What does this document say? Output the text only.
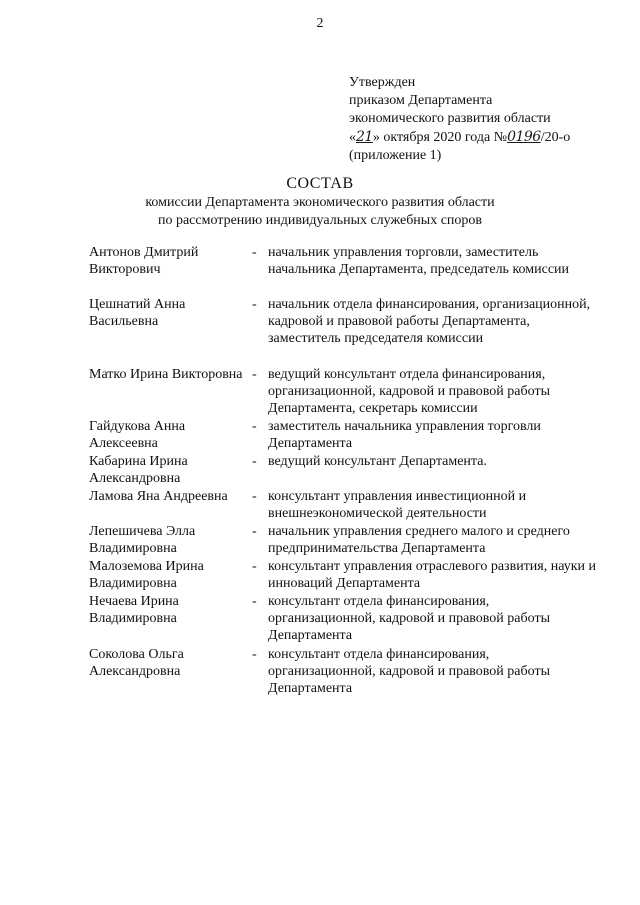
2
Утвержден
приказом Департамента
экономического развития области
«21» октября 2020 года №0196/20-о
(приложение 1)
СОСТАВ
комиссии Департамента экономического развития области
по рассмотрению индивидуальных служебных споров
Антонов Дмитрий Викторович
- начальник управления торговли, заместитель начальника Департамента, председатель комиссии
Цешнатий Анна Васильевна
- начальник отдела финансирования, организационной, кадровой и правовой работы Департамента, заместитель председателя комиссии
Матко Ирина Викторовна - ведущий консультант отдела финансирования, организационной, кадровой и правовой работы Департамента, секретарь комиссии
Гайдукова Анна Алексеевна
- заместитель начальника управления торговли Департамента
Кабарина Ирина Александровна
- ведущий консультант Департамента.
Ламова Яна Андреевна	- консультант управления инвестиционной и внешнеэкономической деятельности
Лепешичева Элла Владимировна
- начальник управления среднего малого и среднего предпринимательства Департамента
Малоземова Ирина Владимировна
- консультант управления отраслевого развития, науки и инноваций Департамента
Нечаева Ирина Владимировна
- консультант отдела финансирования, организационной, кадровой и правовой работы Департамента
Соколова Ольга Александровна
- консультант отдела финансирования, организационной, кадровой и правовой работы Департамента
